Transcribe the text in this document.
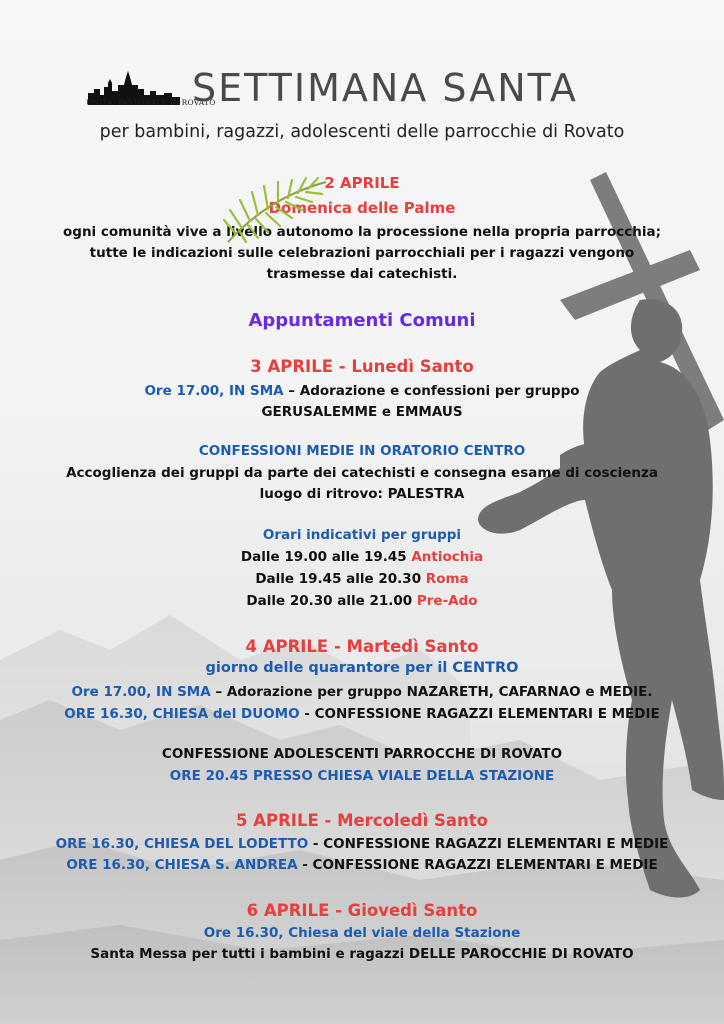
UNITA' PASTORALE DI ROVATO
SETTIMANA SANTA
per bambini, ragazzi, adolescenti delle parrocchie di Rovato
2 APRILE
Domenica delle Palme
ogni comunità vive a livello autonomo la processione nella propria parrocchia;
tutte le indicazioni sulle celebrazioni parrocchiali per i ragazzi vengono
trasmesse dai catechisti.
Appuntamenti Comuni
3 APRILE - Lunedì Santo
Ore 17.00, IN SMA – Adorazione e confessioni per gruppo
GERUSALEMME e EMMAUS
CONFESSIONI MEDIE IN ORATORIO CENTRO
Accoglienza dei gruppi da parte dei catechisti e consegna esame di coscienza
luogo di ritrovo: PALESTRA
Orari indicativi per gruppi
Dalle 19.00 alle 19.45 Antiochia
Dalle 19.45 alle 20.30 Roma
Dalle 20.30 alle 21.00 Pre-Ado
4 APRILE - Martedì Santo
giorno delle quarantore per il CENTRO
Ore 17.00, IN SMA – Adorazione per gruppo NAZARETH, CAFARNAO e MEDIE.
ORE 16.30, CHIESA del DUOMO - CONFESSIONE RAGAZZI ELEMENTARI E MEDIE
CONFESSIONE ADOLESCENTI PARROCCHE DI ROVATO
ORE 20.45 PRESSO CHIESA VIALE DELLA STAZIONE
5 APRILE - Mercoledì Santo
ORE 16.30, CHIESA DEL LODETTO - CONFESSIONE RAGAZZI ELEMENTARI E MEDIE
ORE 16.30, CHIESA S. ANDREA - CONFESSIONE RAGAZZI ELEMENTARI E MEDIE
6 APRILE - Giovedì Santo
Ore 16.30, Chiesa del viale della Stazione
Santa Messa per tutti i bambini e ragazzi DELLE PAROCCHIE DI ROVATO
